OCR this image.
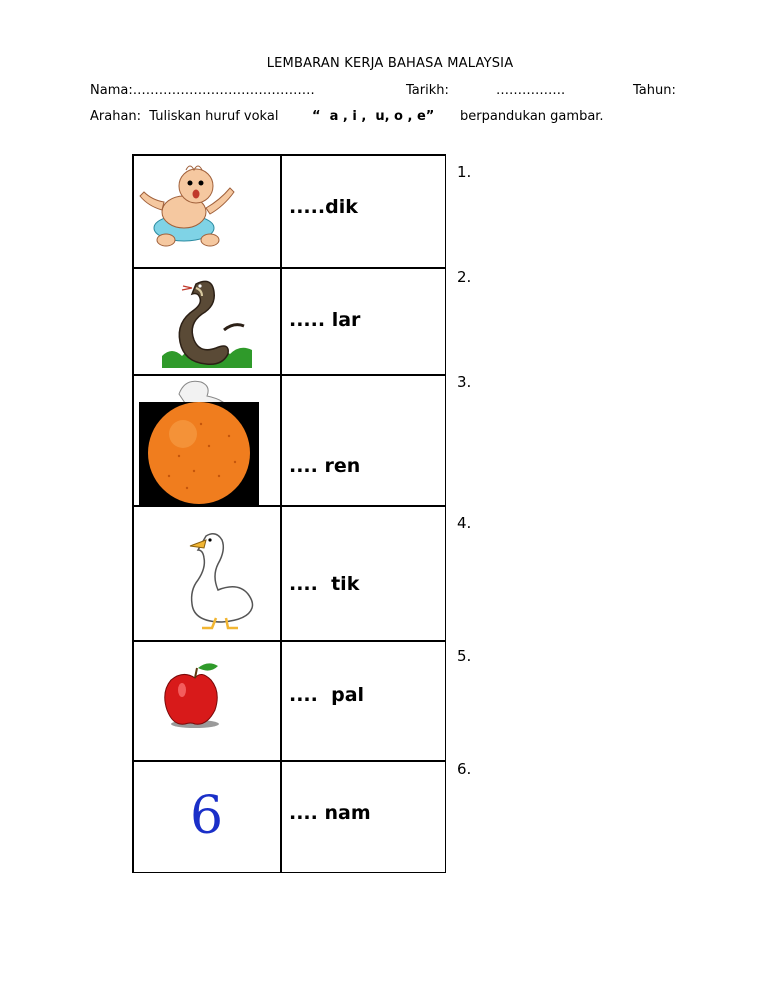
LEMBARAN KERJA BAHASA MALAYSIA
Nama:……………………………………	Tarikh:	…………….	Tahun:
Arahan:  Tuliskan huruf vokal	“  a , i ,  u, o , e” berpandukan gambar.
.....dik
1.
..... lar
2.
.... ren
3.
....  tik
4.
....  pal
5.
6	.... nam
6.
